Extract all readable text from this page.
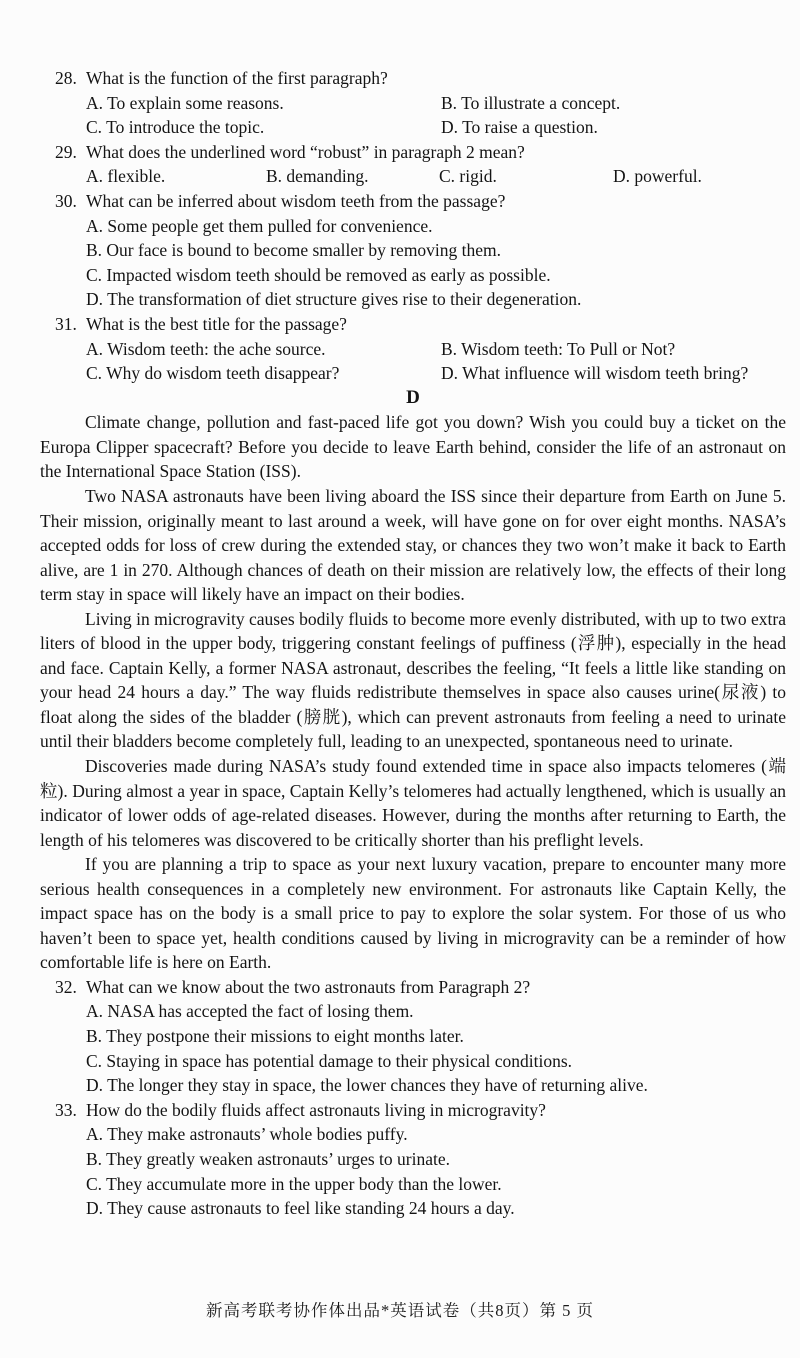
28. What is the function of the first paragraph?
A. To explain some reasons.	B. To illustrate a concept.
C. To introduce the topic.	D. To raise a question.
29. What does the underlined word “robust” in paragraph 2 mean?
A. flexible.	B. demanding.	C. rigid.	D. powerful.
30. What can be inferred about wisdom teeth from the passage?
A. Some people get them pulled for convenience.
B. Our face is bound to become smaller by removing them.
C. Impacted wisdom teeth should be removed as early as possible.
D. The transformation of diet structure gives rise to their degeneration.
31. What is the best title for the passage?
A. Wisdom teeth: the ache source.	B. Wisdom teeth: To Pull or Not?
C. Why do wisdom teeth disappear?	D. What influence will wisdom teeth bring?
D

Climate change, pollution and fast-paced life got you down? Wish you could buy a ticket on the Europa Clipper spacecraft? Before you decide to leave Earth behind, consider the life of an astronaut on the International Space Station (ISS).

Two NASA astronauts have been living aboard the ISS since their departure from Earth on June 5. Their mission, originally meant to last around a week, will have gone on for over eight months. NASA’s accepted odds for loss of crew during the extended stay, or chances they two won’t make it back to Earth alive, are 1 in 270. Although chances of death on their mission are relatively low, the effects of their long term stay in space will likely have an impact on their bodies.

Living in microgravity causes bodily fluids to become more evenly distributed, with up to two extra liters of blood in the upper body, triggering constant feelings of puffiness (浮肿), especially in the head and face. Captain Kelly, a former NASA astronaut, describes the feeling, “It feels a little like standing on your head 24 hours a day.” The way fluids redistribute themselves in space also causes urine(尿液) to float along the sides of the bladder (膀胱), which can prevent astronauts from feeling a need to urinate until their bladders become completely full, leading to an unexpected, spontaneous need to urinate.

Discoveries made during NASA’s study found extended time in space also impacts telomeres (端粒). During almost a year in space, Captain Kelly’s telomeres had actually lengthened, which is usually an indicator of lower odds of age-related diseases. However, during the months after returning to Earth, the length of his telomeres was discovered to be critically shorter than his preflight levels.

If you are planning a trip to space as your next luxury vacation, prepare to encounter many more serious health consequences in a completely new environment. For astronauts like Captain Kelly, the impact space has on the body is a small price to pay to explore the solar system. For those of us who haven’t been to space yet, health conditions caused by living in microgravity can be a reminder of how comfortable life is here on Earth.

32. What can we know about the two astronauts from Paragraph 2?
A. NASA has accepted the fact of losing them.
B. They postpone their missions to eight months later.
C. Staying in space has potential damage to their physical conditions.
D. The longer they stay in space, the lower chances they have of returning alive.
33. How do the bodily fluids affect astronauts living in microgravity?
A. They make astronauts’ whole bodies puffy.
B. They greatly weaken astronauts’ urges to urinate.
C. They accumulate more in the upper body than the lower.
D. They cause astronauts to feel like standing 24 hours a day.
新高考联考协作体出品*英语试卷（共8页）第 5 页
